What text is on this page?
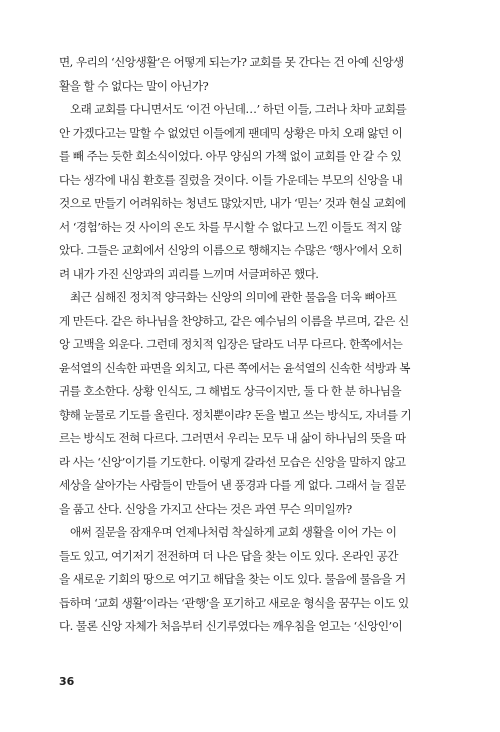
면, 우리의 ‘신앙생활’은 어떻게 되는가? 교회를 못 간다는 건 아예 신앙생
활을 할 수 없다는 말이 아닌가?
오래 교회를 다니면서도 ‘이건 아닌데…’ 하던 이들, 그러나 차마 교회를
안 가겠다고는 말할 수 없었던 이들에게 팬데믹 상황은 마치 오래 앓던 이
를 빼 주는 듯한 희소식이었다. 아무 양심의 가책 없이 교회를 안 갈 수 있
다는 생각에 내심 환호를 질렀을 것이다. 이들 가운데는 부모의 신앙을 내
것으로 만들기 어려워하는 청년도 많았지만, 내가 ‘믿는’ 것과 현실 교회에
서 ‘경험’하는 것 사이의 온도 차를 무시할 수 없다고 느낀 이들도 적지 않
았다. 그들은 교회에서 신앙의 이름으로 행해지는 수많은 ‘행사’에서 오히
려 내가 가진 신앙과의 괴리를 느끼며 서글퍼하곤 했다.
최근 심해진 정치적 양극화는 신앙의 의미에 관한 물음을 더욱 뼈아프
게 만든다. 같은 하나님을 찬양하고, 같은 예수님의 이름을 부르며, 같은 신
앙 고백을 외운다. 그런데 정치적 입장은 달라도 너무 다르다. 한쪽에서는
윤석열의 신속한 파면을 외치고, 다른 쪽에서는 윤석열의 신속한 석방과 복
귀를 호소한다. 상황 인식도, 그 해법도 상극이지만, 둘 다 한 분 하나님을
향해 눈물로 기도를 올린다. 정치뿐이랴? 돈을 벌고 쓰는 방식도, 자녀를 기
르는 방식도 전혀 다르다. 그러면서 우리는 모두 내 삶이 하나님의 뜻을 따
라 사는 ‘신앙’이기를 기도한다. 이렇게 갈라선 모습은 신앙을 말하지 않고
세상을 살아가는 사람들이 만들어 낸 풍경과 다를 게 없다. 그래서 늘 질문
을 품고 산다. 신앙을 가지고 산다는 것은 과연 무슨 의미일까?
애써 질문을 잠재우며 언제나처럼 착실하게 교회 생활을 이어 가는 이
들도 있고, 여기저기 전전하며 더 나은 답을 찾는 이도 있다. 온라인 공간
을 새로운 기회의 땅으로 여기고 해답을 찾는 이도 있다. 물음에 물음을 거
듭하며 ‘교회 생활’이라는 ‘관행’을 포기하고 새로운 형식을 꿈꾸는 이도 있
다. 물론 신앙 자체가 처음부터 신기루였다는 깨우침을 얻고는 ‘신앙인’이
36
